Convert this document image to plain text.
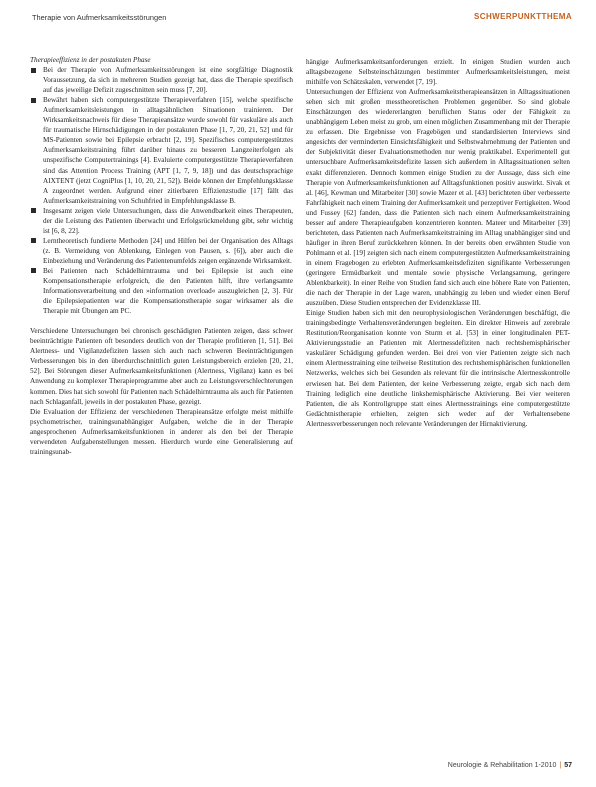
Therapie von Aufmerksamkeitsstörungen	SCHWERPUNKTTHEMA

Therapieeffizienz in der postakuten Phase

Bei der Therapie von Aufmerksamkeitsstörungen ist eine sorgfältige Diagnostik Voraussetzung, da sich in mehreren Studien gezeigt hat, dass die Therapie spezifisch auf das jeweilige Defizit zugeschnitten sein muss [7, 20].
Bewährt haben sich computergestützte Therapieverfahren [15], welche spezifische Aufmerksamkeitsleistungen in alltagsähnlichen Situationen trainieren. Der Wirksamkeitsnachweis für diese Therapieansätze wurde sowohl für vaskuläre als auch für traumatische Hirnschädigungen in der postakuten Phase [1, 7, 20, 21, 52] und für MS-Patienten sowie bei Epilepsie erbracht [2, 19]. Spezifisches computergestütztes Aufmerksamkeitstraining führt darüber hinaus zu besseren Langzeiterfolgen als unspezifische Computertrainings [4]. Evaluierte computergestützte Therapieverfahren sind das Attention Process Training (APT [1, 7, 9, 18]) und das deutschsprachige AIXTENT (jetzt CogniPlus [1, 10, 20, 21, 52]). Beide können der Empfehlungsklasse A zugeordnet werden. Aufgrund einer zitierbaren Effizienzstudie [17] fällt das Aufmerksamkeitstraining von Schuhfried in Empfehlungsklasse B.
Insgesamt zeigen viele Untersuchungen, dass die Anwendbarkeit eines Therapeuten, der die Leistung des Patienten überwacht und Erfolgsrückmeldung gibt, sehr wichtig ist [6, 8, 22].
Lerntheoretisch fundierte Methoden [24] und Hilfen bei der Organisation des Alltags (z. B. Vermeidung von Ablenkung, Einlegen von Pausen, s. [6]), aber auch die Einbeziehung und Veränderung des Patientenumfelds zeigen ergänzende Wirksamkeit.
Bei Patienten nach Schädelhirntrauma und bei Epilepsie ist auch eine Kompensationstherapie erfolgreich, die den Patienten hilft, ihre verlangsamte Informationsverarbeitung und den »information overload« auszugleichen [2, 3]. Für die Epilepsiepatienten war die Kompensationstherapie sogar wirksamer als die Therapie mit Übungen am PC.

Verschiedene Untersuchungen bei chronisch geschädigten Patienten zeigen, dass schwer beeinträchtigte Patienten oft besonders deutlich von der Therapie profitieren [1, 51]. Bei Alertness- und Vigilanzdefiziten lassen sich auch nach schweren Beeinträchtigungen Verbesserungen bis in den überdurchschnittlich guten Leistungsbereich erzielen [20, 21, 52]. Bei Störungen dieser Aufmerksamkeitsfunktionen (Alertness, Vigilanz) kann es bei Anwendung zu komplexer Therapieprogramme aber auch zu Leistungsverschlechterungen kommen. Dies hat sich sowohl für Patienten nach Schädelhirntrauma als auch für Patienten nach Schlaganfall, jeweils in der postakuten Phase, gezeigt.

Die Evaluation der Effizienz der verschiedenen Therapieansätze erfolgte meist mithilfe psychometrischer, trainingsunabhängiger Aufgaben, welche die in der Therapie angesprochenen Aufmerksamkeitsfunktionen in anderer als den bei der Therapie verwendeten Aufgabenstellungen messen. Hierdurch wurde eine Generalisierung auf trainingsunab-

hängige Aufmerksamkeitsanforderungen erzielt. In einigen Studien wurden auch alltagsbezogene Selbsteinschätzungen bestimmter Aufmerksamkeitsleistungen, meist mithilfe von Schätzskalen, verwendet [7, 19].

Untersuchungen der Effizienz von Aufmerksamkeitstherapieansätzen in Alltagssituationen sehen sich mit großen messtheoretischen Problemen gegenüber. So sind globale Einschätzungen des wiedererlangten beruflichen Status oder der Fähigkeit zu unabhängigem Leben meist zu grob, um einen möglichen Zusammenhang mit der Therapie zu erfassen. Die Ergebnisse von Fragebögen und standardisierten Interviews sind angesichts der verminderten Einsichtsfähigkeit und Selbstwahrnehmung der Patienten und der Subjektivität dieser Evaluationsmethoden nur wenig praktikabel. Experimentell gut untersuchbare Aufmerksamkeitsdefizite lassen sich außerdem in Alltagssituationen selten exakt differenzieren. Dennoch kommen einige Studien zu der Aussage, dass sich eine Therapie von Aufmerksamkeitsfunktionen auf Alltagsfunktionen positiv auswirkt. Sivak et al. [46], Kewman und Mitarbeiter [30] sowie Mazer et al. [43] berichteten über verbesserte Fahrfähigkeit nach einem Training der Aufmerksamkeit und perzeptiver Fertigkeiten. Wood und Fussey [62] fanden, dass die Patienten sich nach einem Aufmerksamkeitstraining besser auf andere Therapieaufgaben konzentrieren konnten. Mateer und Mitarbeiter [39] berichteten, dass Patienten nach Aufmerksamkeitstraining im Alltag unabhängiger sind und häufiger in ihren Beruf zurückkehren können. In der bereits oben erwähnten Studie von Pohlmann et al. [19] zeigten sich nach einem computergestützten Aufmerksamkeitstraining in einem Fragebogen zu erlebten Aufmerksamkeitsdefiziten signifikante Verbesserungen (geringere Ermüdbarkeit und mentale sowie physische Verlangsamung, geringere Ablenkbarkeit). In einer Reihe von Studien fand sich auch eine höhere Rate von Patienten, die nach der Therapie in der Lage waren, unabhängig zu leben und wieder einen Beruf auszuüben. Diese Studien entsprechen der Evidenzklasse III.

Einige Studien haben sich mit den neurophysiologischen Veränderungen beschäftigt, die trainingsbedingte Verhaltensveränderungen begleiten. Ein direkter Hinweis auf zerebrale Restitution/Reorganisation konnte von Sturm et al. [53] in einer longitudinalen PET-Aktivierungsstudie an Patienten mit Alertnessdefiziten nach rechtshemisphärischer vaskulärer Schädigung gefunden werden. Bei drei von vier Patienten zeigte sich nach einem Alertnesstraining eine teilweise Restitution des rechtshemisphärischen funktionellen Netzwerks, welches sich bei Gesunden als relevant für die intrinsische Alertnesskontrolle erwiesen hat. Bei dem Patienten, der keine Verbesserung zeigte, ergab sich nach dem Training lediglich eine deutliche linkshemisphärische Aktivierung. Bei vier weiteren Patienten, die als Kontrollgruppe statt eines Alertnesstrainings eine computergestützte Gedächtnistherapie erhielten, zeigten sich weder auf der Verhaltensebene Alertnessverbesserungen noch relevante Veränderungen der Hirnaktivierung.

Neurologie & Rehabilitation 1-2010 | 57
